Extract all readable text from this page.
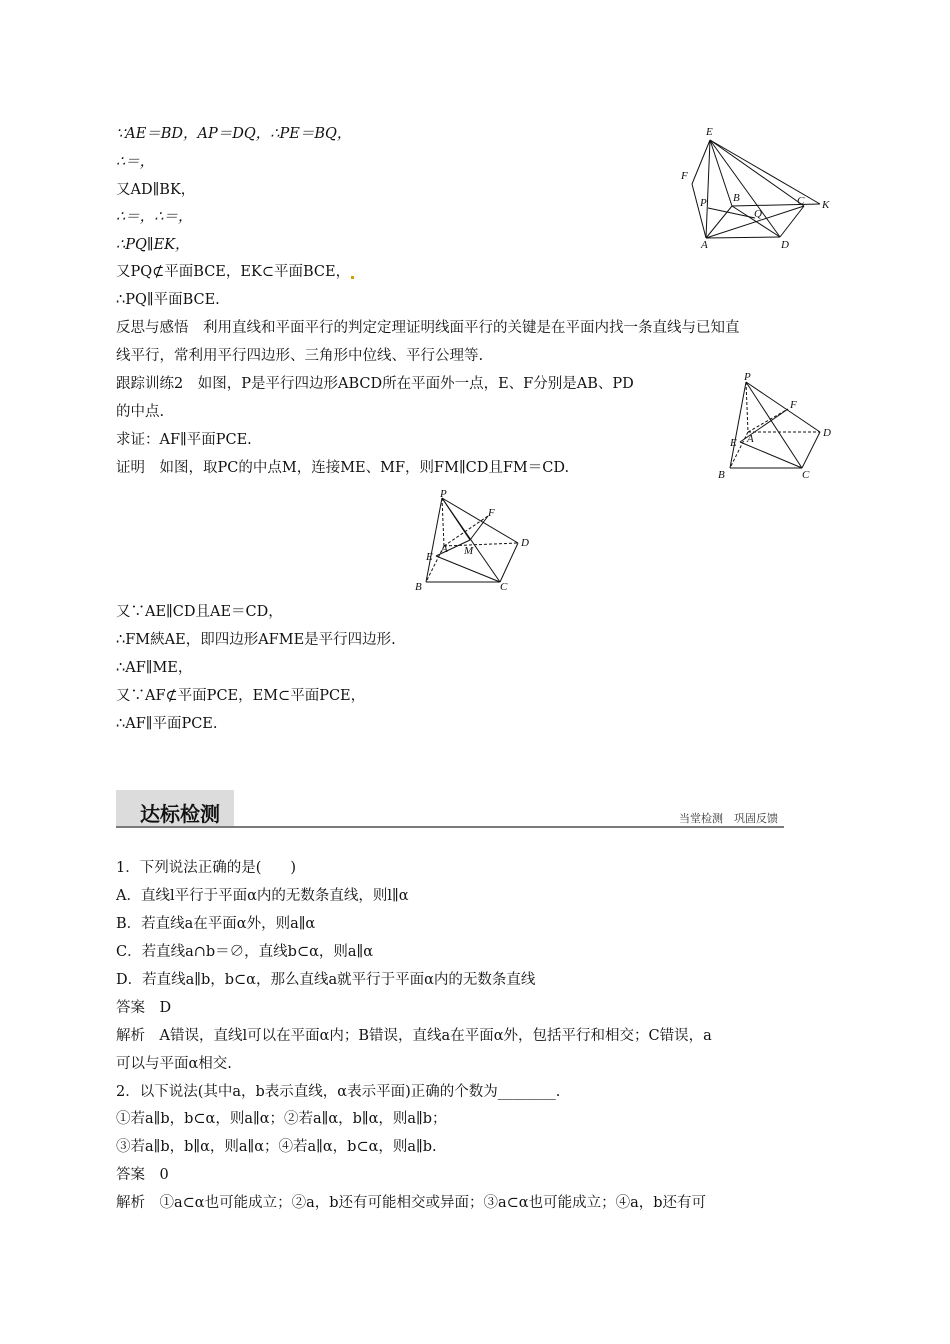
∵AE＝BD，AP＝DQ，∴PE＝BQ，
∴＝，
又AD∥BK，
∴＝，∴＝，
∴PQ∥EK，
又PQ⊄平面BCE，EK⊂平面BCE，
∴PQ∥平面BCE.
反思与感悟　利用直线和平面平行的判定定理证明线面平行的关键是在平面内找一条直线与已知直
线平行，常利用平行四边形、三角形中位线、平行公理等.
跟踪训练2　如图，P是平行四边形ABCD所在平面外一点，E、F分别是AB、PD
的中点.
求证：AF∥平面PCE.
证明　如图，取PC的中点M，连接ME、MF，则FM∥CD且FM＝CD.
又∵AE∥CD且AE＝CD，
∴FM綊AE，即四边形AFME是平行四边形.
∴AF∥ME，
又∵AF⊄平面PCE，EM⊂平面PCE，
∴AF∥平面PCE.
E
F
B	C K
P
Q
A	D
P
F
A	D
E
B	C
P
F
A	D
E	M
B	C
达标检测	当堂检测　巩固反馈
1．下列说法正确的是(　　)
A．直线l平行于平面α内的无数条直线，则l∥α
B．若直线a在平面α外，则a∥α
C．若直线a∩b＝∅，直线b⊂α，则a∥α
D．若直线a∥b，b⊂α，那么直线a就平行于平面α内的无数条直线
答案　D
解析　A错误，直线l可以在平面α内；B错误，直线a在平面α外，包括平行和相交；C错误，a
可以与平面α相交.
2．以下说法(其中a，b表示直线，α表示平面)正确的个数为________.
①若a∥b，b⊂α，则a∥α；②若a∥α，b∥α，则a∥b；
③若a∥b，b∥α，则a∥α；④若a∥α，b⊂α，则a∥b.
答案　0
解析　①a⊂α也可能成立；②a，b还有可能相交或异面；③a⊂α也可能成立；④a，b还有可
